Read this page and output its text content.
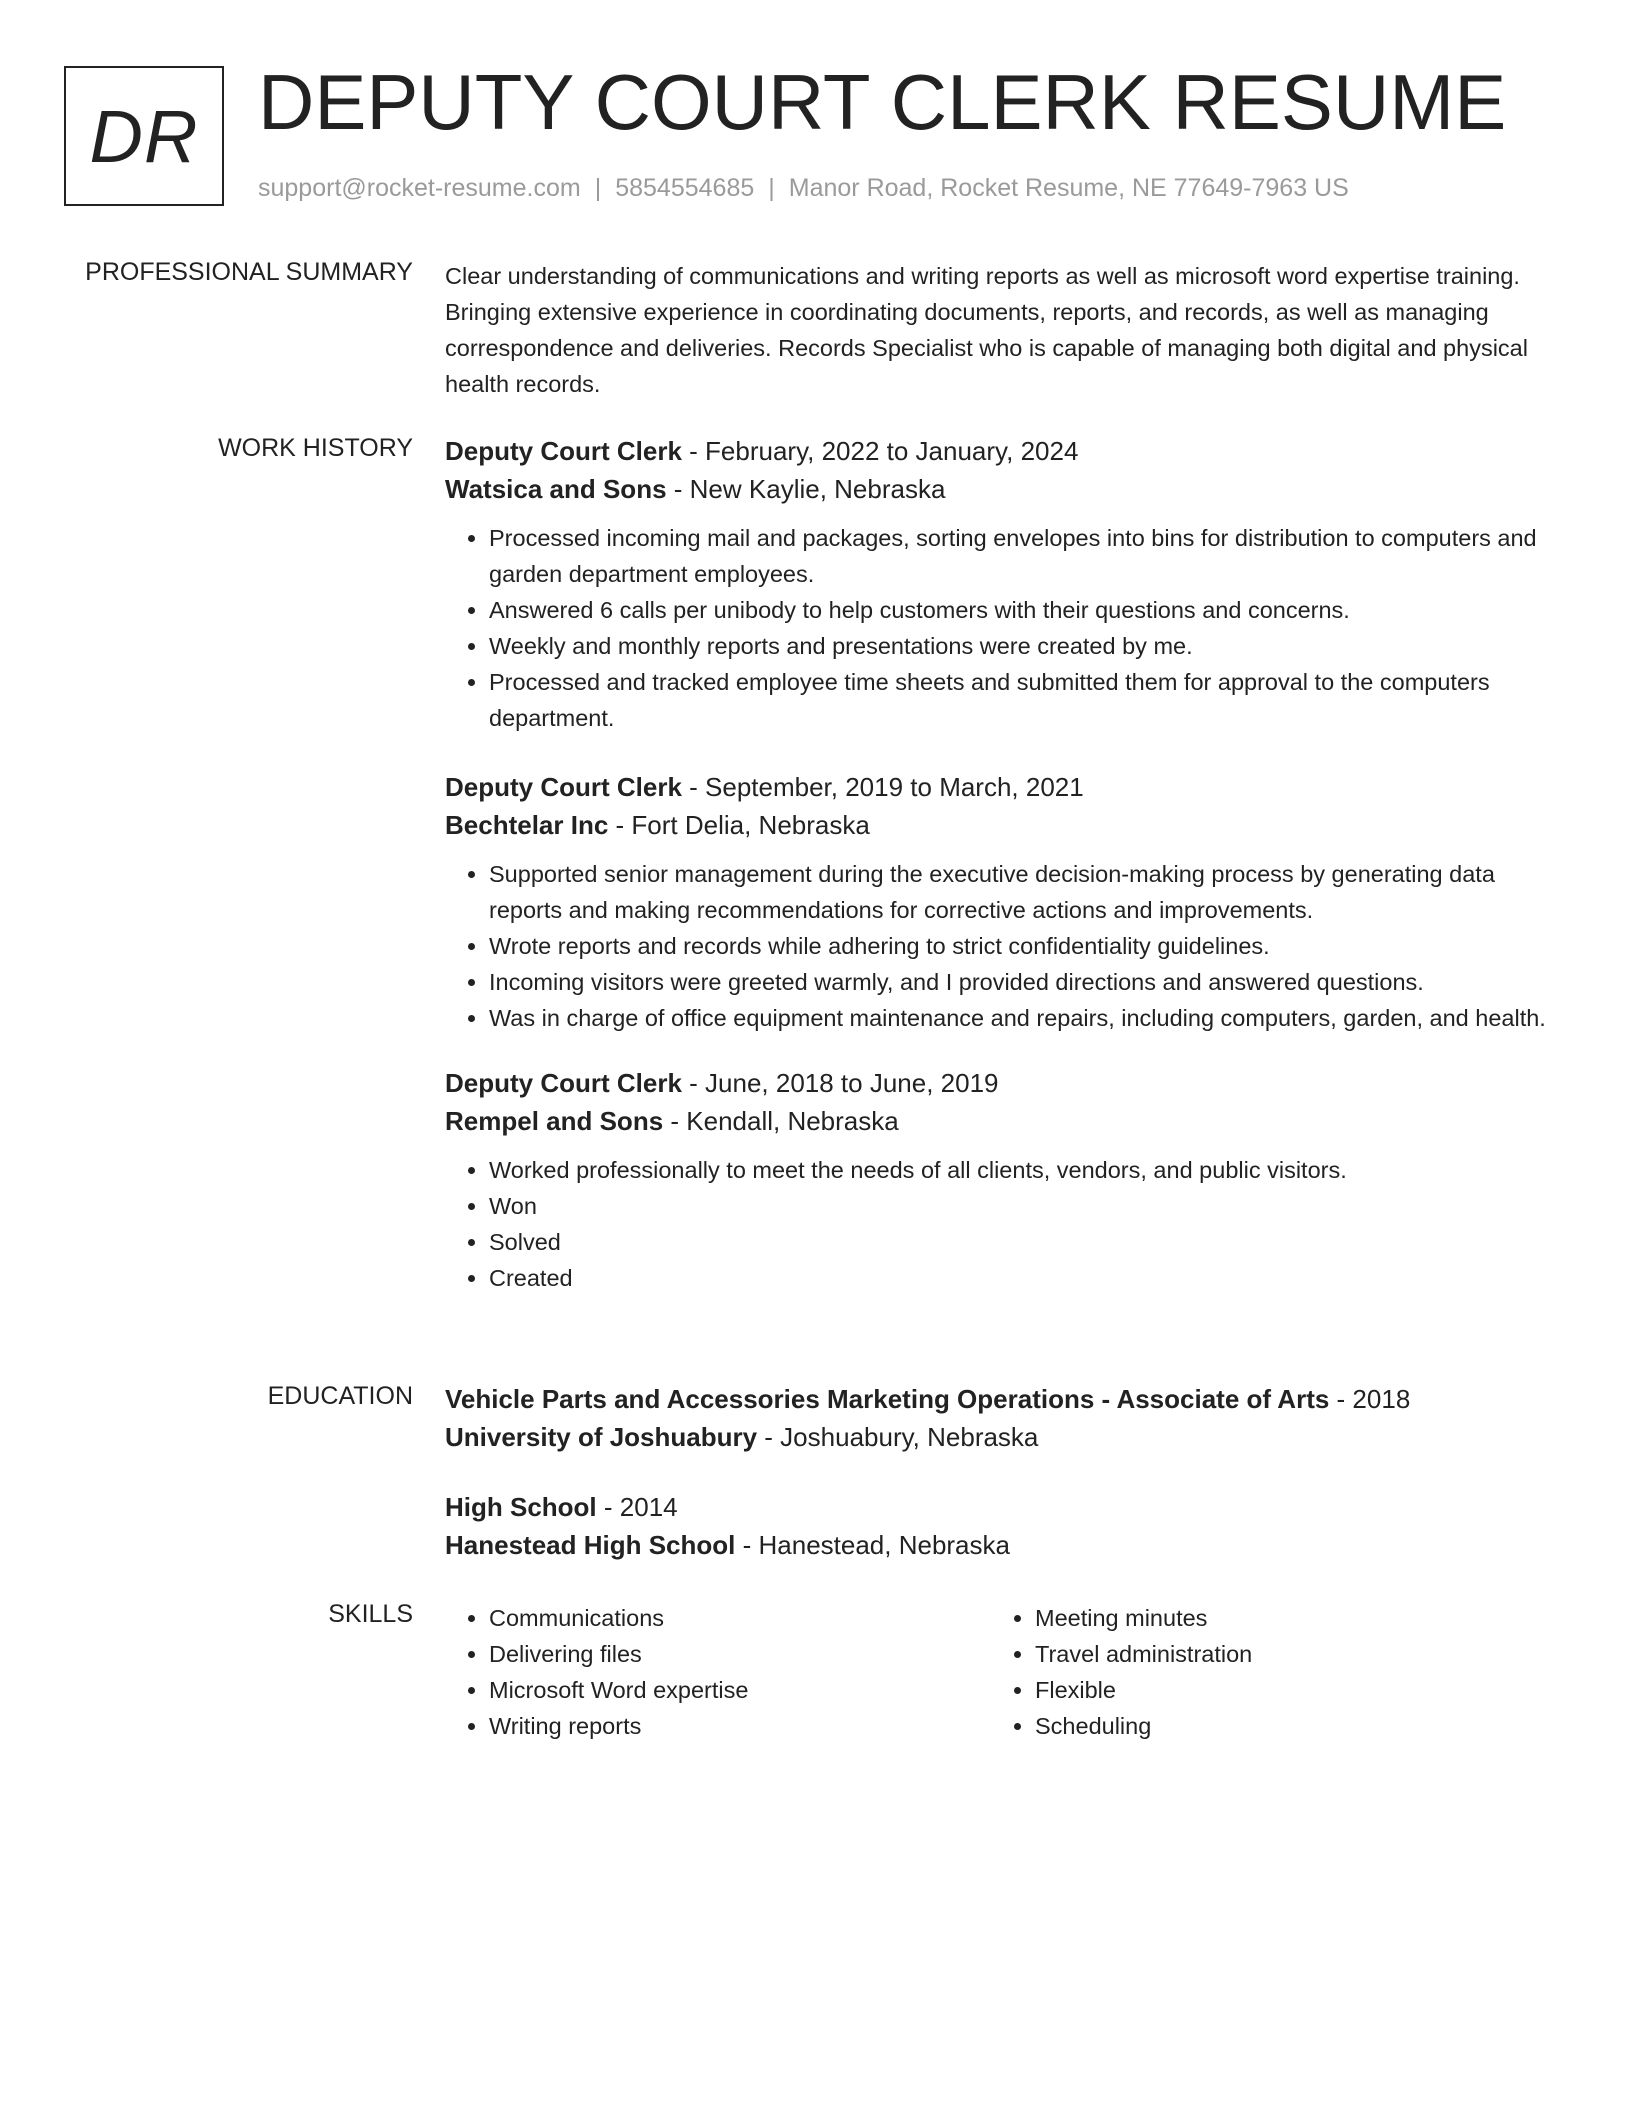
DR DEPUTY COURT CLERK RESUME
support@rocket-resume.com | 5854554685 | Manor Road, Rocket Resume, NE 77649-7963 US
PROFESSIONAL SUMMARY Clear understanding of communications and writing reports as well as microsoft word expertise training. Bringing extensive experience in coordinating documents, reports, and records, as well as managing correspondence and deliveries. Records Specialist who is capable of managing both digital and physical health records.

WORK HISTORY Deputy Court Clerk - February, 2022 to January, 2024
Watsica and Sons - New Kaylie, Nebraska
• Processed incoming mail and packages, sorting envelopes into bins for distribution to computers and garden department employees.
• Answered 6 calls per unibody to help customers with their questions and concerns.
• Weekly and monthly reports and presentations were created by me.
• Processed and tracked employee time sheets and submitted them for approval to the computers department.
Deputy Court Clerk - September, 2019 to March, 2021
Bechtelar Inc - Fort Delia, Nebraska
• Supported senior management during the executive decision-making process by generating data reports and making recommendations for corrective actions and improvements.
• Wrote reports and records while adhering to strict confidentiality guidelines.
• Incoming visitors were greeted warmly, and I provided directions and answered questions.
• Was in charge of office equipment maintenance and repairs, including computers, garden, and health.
Deputy Court Clerk - June, 2018 to June, 2019
Rempel and Sons - Kendall, Nebraska
• Worked professionally to meet the needs of all clients, vendors, and public visitors.
• Won
• Solved
• Created
EDUCATION Vehicle Parts and Accessories Marketing Operations - Associate of Arts - 2018
University of Joshuabury - Joshuabury, Nebraska
High School - 2014
Hanestead High School - Hanestead, Nebraska
SKILLS
•	Communications
• Delivering files
• Microsoft Word expertise
• Writing reports
• Meeting minutes
• Travel administration
• Flexible
• Scheduling
